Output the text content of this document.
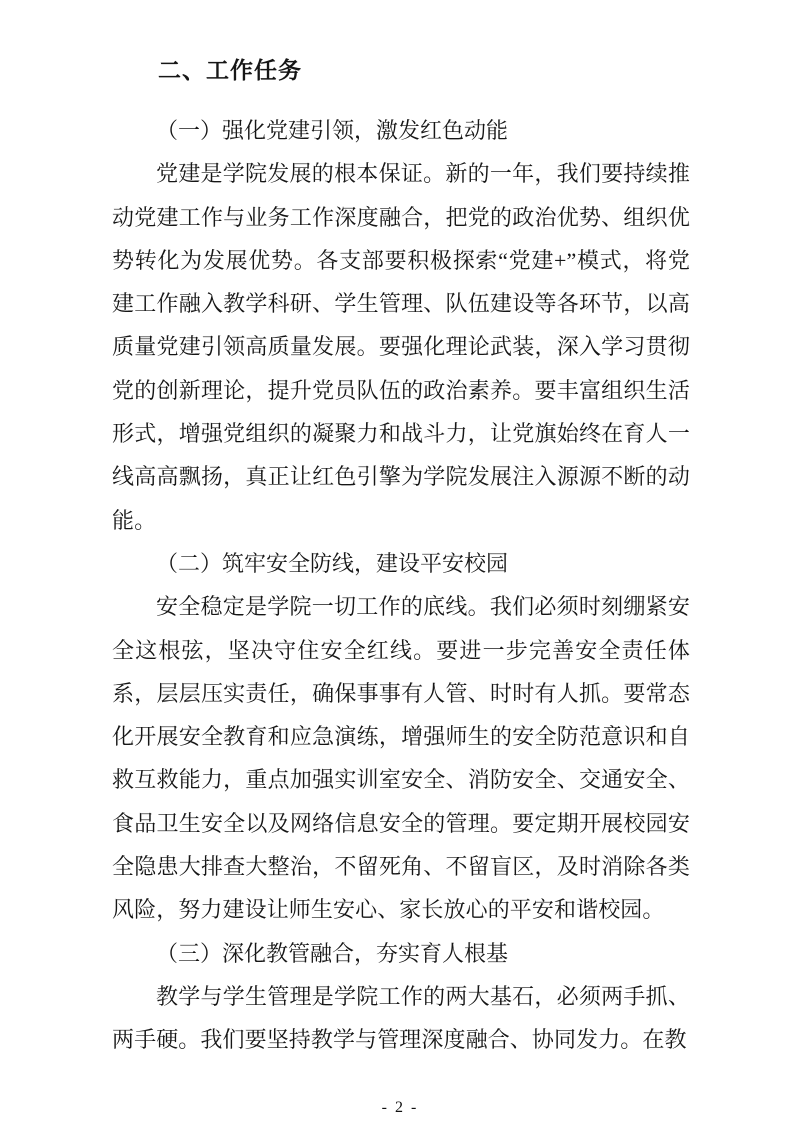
二、工作任务
（一）强化党建引领，激发红色动能

党建是学院发展的根本保证。新的一年，我们要持续推动党建工作与业务工作深度融合，把党的政治优势、组织优势转化为发展优势。各支部要积极探索“党建+”模式，将党建工作融入教学科研、学生管理、队伍建设等各环节，以高质量党建引领高质量发展。要强化理论武装，深入学习贯彻党的创新理论，提升党员队伍的政治素养。要丰富组织生活形式，增强党组织的凝聚力和战斗力，让党旗始终在育人一线高高飘扬，真正让红色引擎为学院发展注入源源不断的动能。

（二）筑牢安全防线，建设平安校园

安全稳定是学院一切工作的底线。我们必须时刻绷紧安全这根弦，坚决守住安全红线。要进一步完善安全责任体系，层层压实责任，确保事事有人管、时时有人抓。要常态化开展安全教育和应急演练，增强师生的安全防范意识和自救互救能力，重点加强实训室安全、消防安全、交通安全、食品卫生安全以及网络信息安全的管理。要定期开展校园安全隐患大排查大整治，不留死角、不留盲区，及时消除各类风险，努力建设让师生安心、家长放心的平安和谐校园。

（三）深化教管融合，夯实育人根基

教学与学生管理是学院工作的两大基石，必须两手抓、两手硬。我们要坚持教学与管理深度融合、协同发力。在教

- 2 -
